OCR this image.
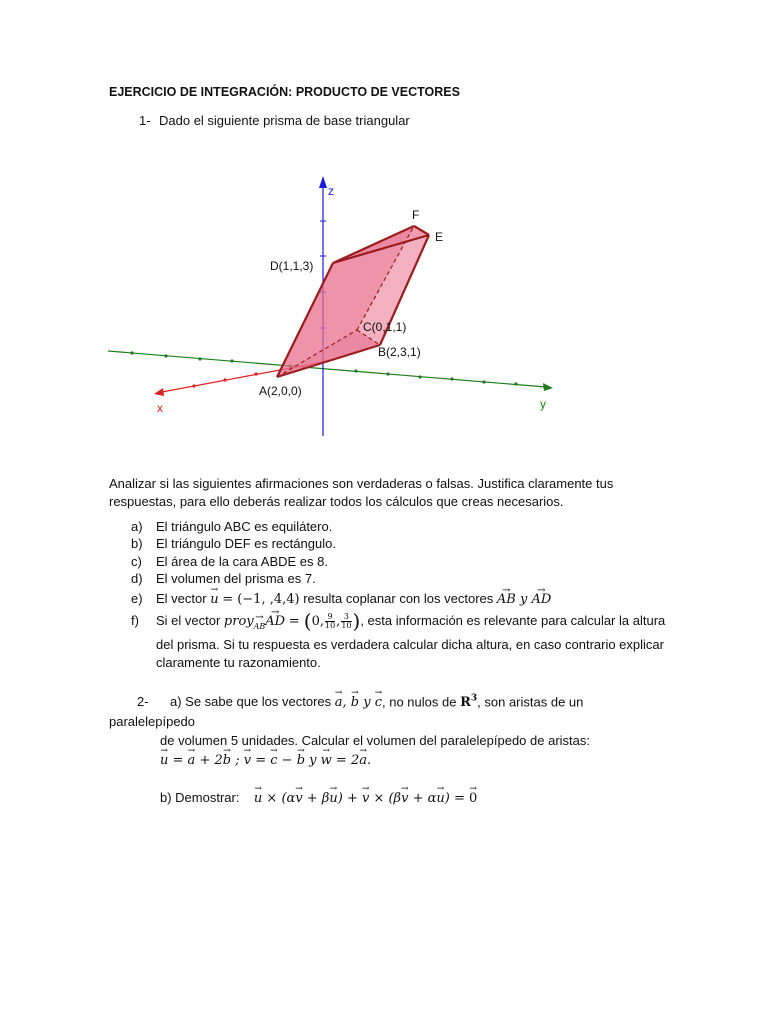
EJERCICIO DE INTEGRACIÓN: PRODUCTO DE VECTORES
1- Dado el siguiente prisma de base triangular
z
x	y
A(2,0,0)
B(2,3,1)
C(0,1,1)
D(1,1,3)
E
F
Analizar si las siguientes afirmaciones son verdaderas o falsas. Justifica claramente tus respuestas, para ello deberás realizar todos los cálculos que creas necesarios.
a) El triángulo ABC es equilátero.
b) El triángulo DEF es rectángulo.
c) El área de la cara ABDE es 8.
d) El volumen del prisma es 7.
e) El vector → u = (−1, ,4,4) resulta coplanar con los vectores → AB y → AD
f) Si el vector proy→ $_{AB}$→ AD = (0, $\frac{9}{10}$ , $\frac{3}{10}$ ), esta información es relevante para calcular la altura del prisma. Si tu respuesta es verdadera calcular dicha altura, en caso contrario explicar claramente tu razonamiento.
2- a) Se sabe que los vectores → a, → b y → c, no nulos de $R^3$, son aristas de un paralelepípedo
de volumen 5 unidades. Calcular el volumen del paralelepípedo de aristas:
→ u = → a + 2→ b ; → v = → c − → b y → w = 2→ a.
b) Demostrar:    → u × (α→ v + β→ u) + → v × (β→ v + α→ u) = → 0
